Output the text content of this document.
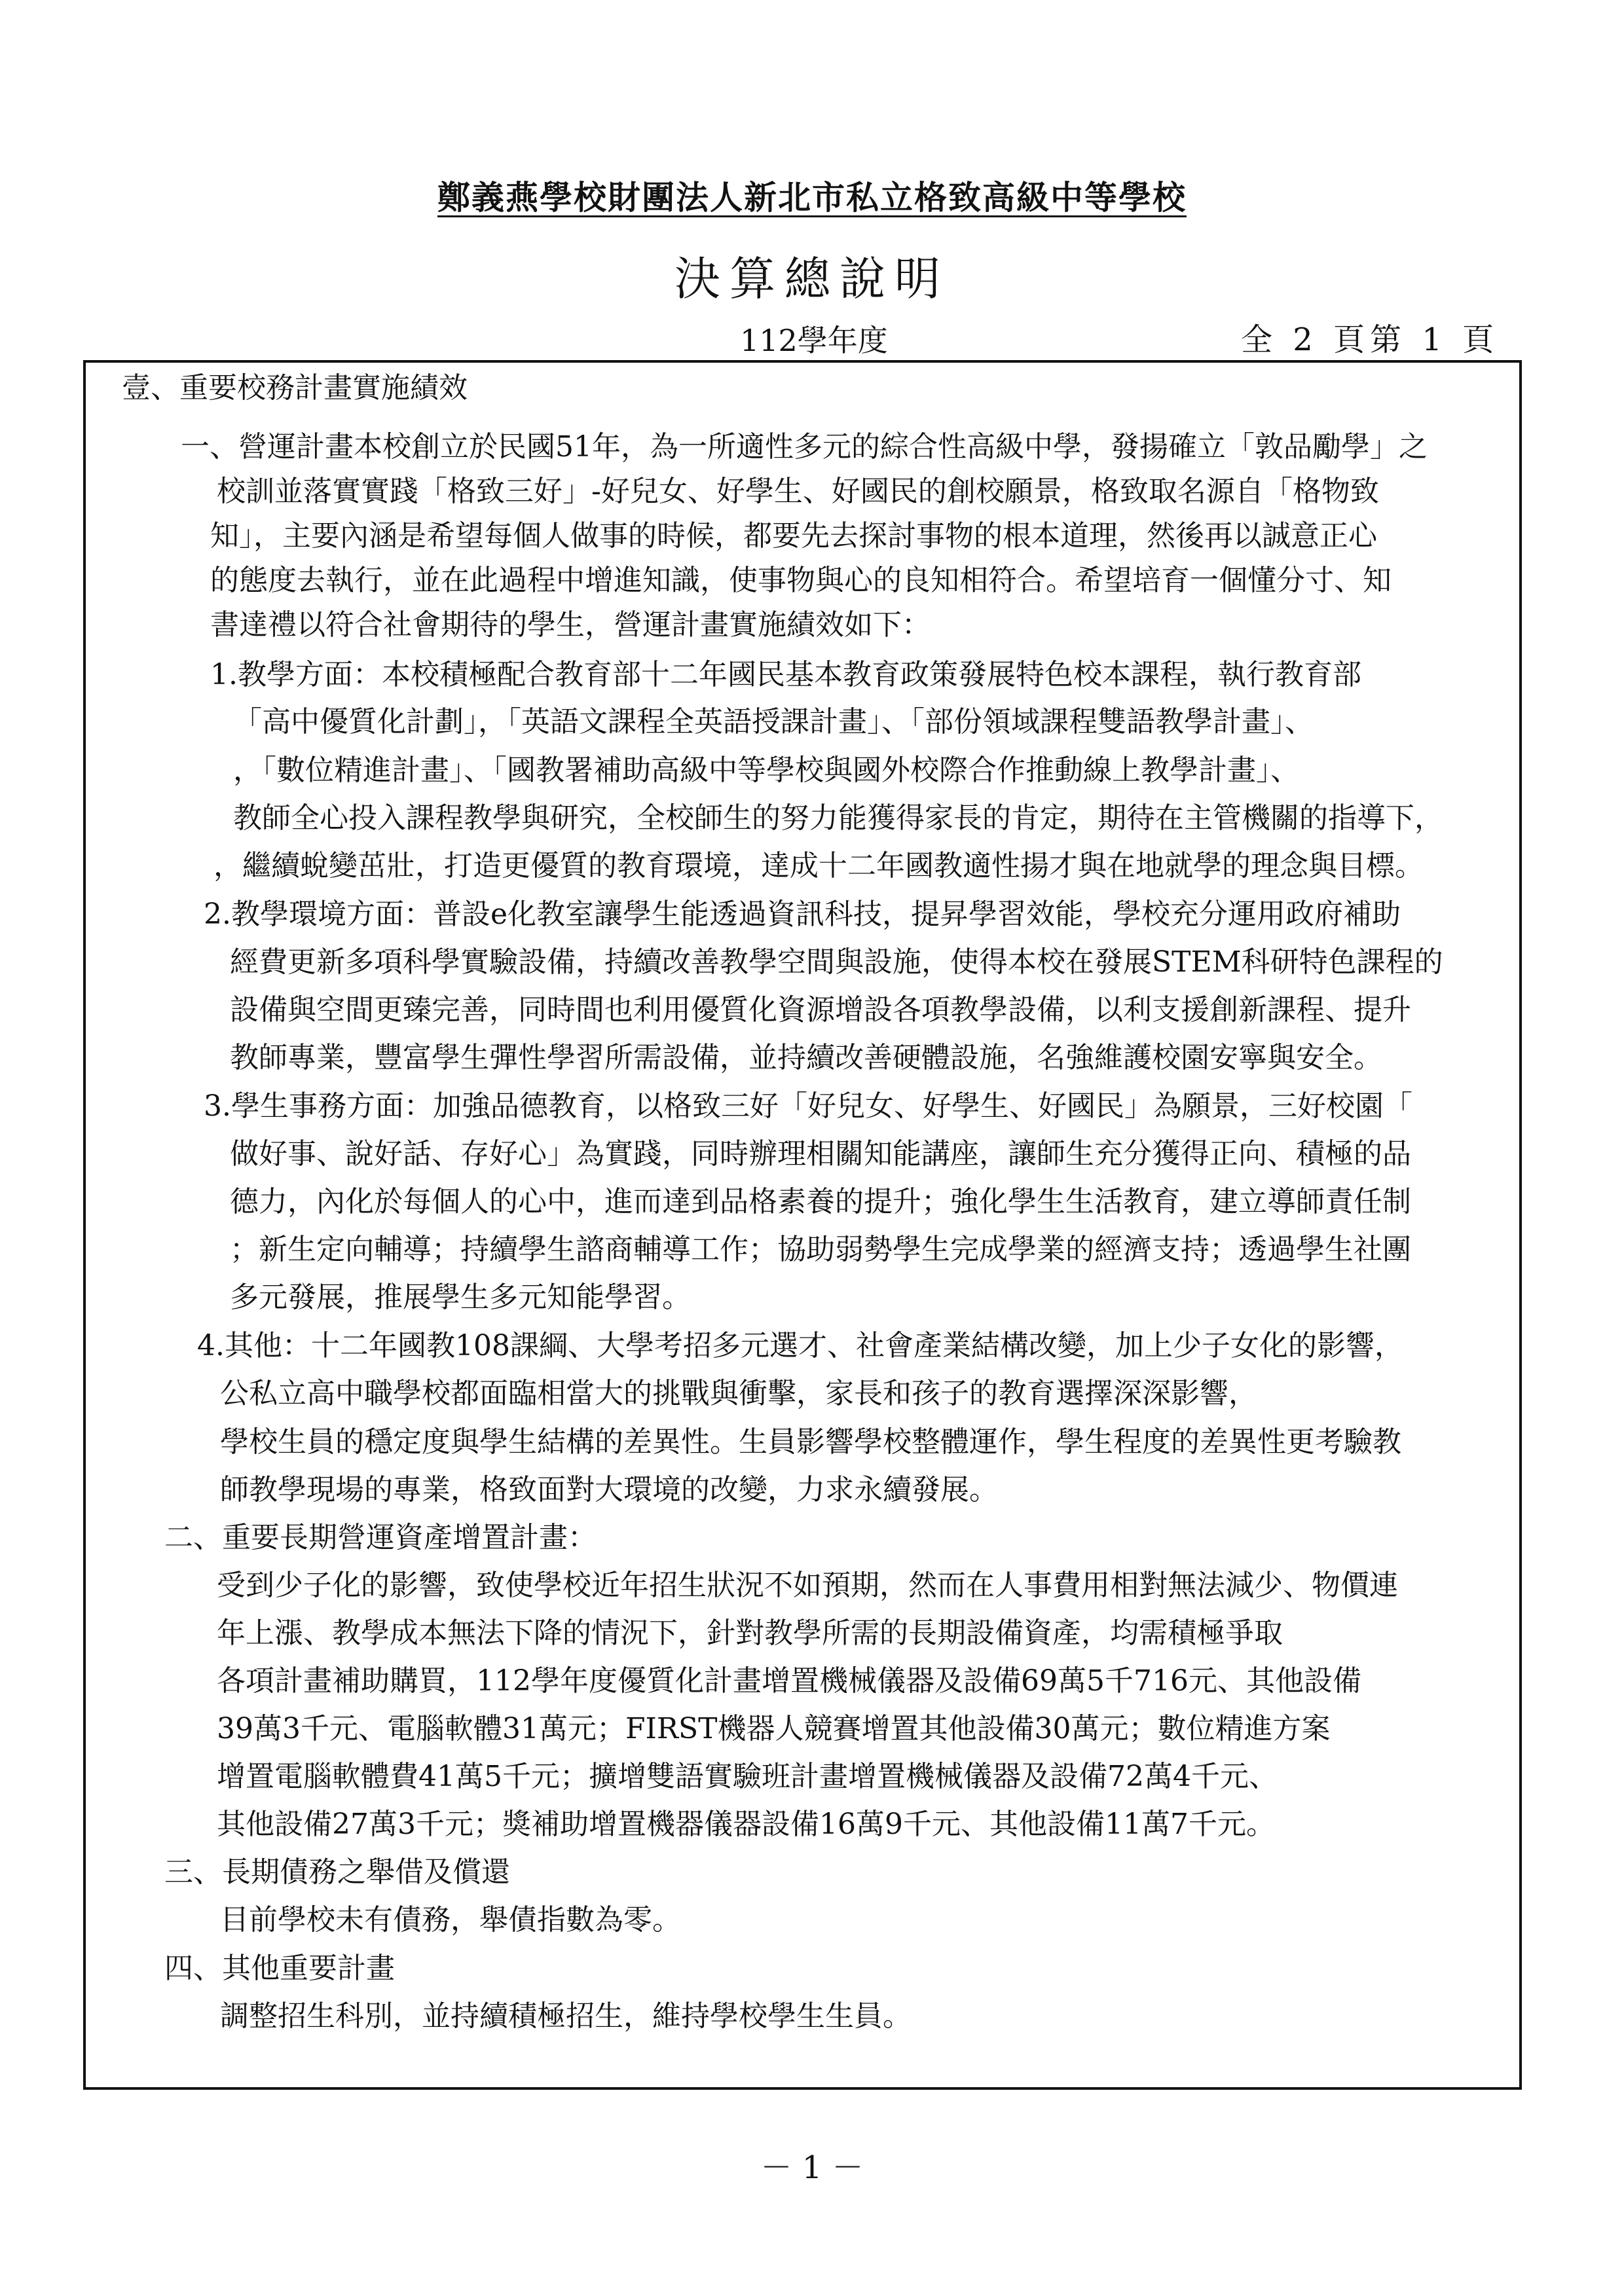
鄭義燕學校財團法人新北市私立格致高級中等學校
決算總說明
112學年度	全 2 頁第 1 頁
壹、重要校務計畫實施績效
一、營運計畫本校創立於民國51年，為一所適性多元的綜合性高級中學，發揚確立「敦品勵學」之
校訓並落實實踐「格致三好」-好兒女、好學生、好國民的創校願景，格致取名源自「格物致
知」，主要內涵是希望每個人做事的時候，都要先去探討事物的根本道理，然後再以誠意正心
的態度去執行，並在此過程中增進知識，使事物與心的良知相符合。希望培育一個懂分寸、知
書達禮以符合社會期待的學生，營運計畫實施績效如下：
1.教學方面：本校積極配合教育部十二年國民基本教育政策發展特色校本課程，執行教育部
「高中優質化計劃」，「英語文課程全英語授課計畫」、「部份領域課程雙語教學計畫」、
，「數位精進計畫」、「國教署補助高級中等學校與國外校際合作推動線上教學計畫」、
教師全心投入課程教學與研究，全校師生的努力能獲得家長的肯定，期待在主管機關的指導下，
，繼續蛻變茁壯，打造更優質的教育環境，達成十二年國教適性揚才與在地就學的理念與目標。
2.教學環境方面：普設e化教室讓學生能透過資訊科技，提昇學習效能，學校充分運用政府補助
經費更新多項科學實驗設備，持續改善教學空間與設施，使得本校在發展STEM科研特色課程的
設備與空間更臻完善，同時間也利用優質化資源增設各項教學設備，以利支援創新課程、提升
教師專業，豐富學生彈性學習所需設備，並持續改善硬體設施，名強維護校園安寧與安全。
3.學生事務方面：加強品德教育，以格致三好「好兒女、好學生、好國民」為願景，三好校園「
做好事、說好話、存好心」為實踐，同時辦理相關知能講座，讓師生充分獲得正向、積極的品
德力，內化於每個人的心中，進而達到品格素養的提升；強化學生生活教育，建立導師責任制
；新生定向輔導；持續學生諮商輔導工作；協助弱勢學生完成學業的經濟支持；透過學生社團
多元發展，推展學生多元知能學習。
4.其他：十二年國教108課綱、大學考招多元選才、社會產業結構改變，加上少子女化的影響，
公私立高中職學校都面臨相當大的挑戰與衝擊，家長和孩子的教育選擇深深影響，
學校生員的穩定度與學生結構的差異性。生員影響學校整體運作，學生程度的差異性更考驗教
師教學現場的專業，格致面對大環境的改變，力求永續發展。
二、重要長期營運資產增置計畫：
受到少子化的影響，致使學校近年招生狀況不如預期，然而在人事費用相對無法減少、物價連
年上漲、教學成本無法下降的情況下，針對教學所需的長期設備資產，均需積極爭取
各項計畫補助購買，112學年度優質化計畫增置機械儀器及設備69萬5千716元、其他設備
39萬3千元、電腦軟體31萬元；FIRST機器人競賽增置其他設備30萬元；數位精進方案
增置電腦軟體費41萬5千元；擴增雙語實驗班計畫增置機械儀器及設備72萬4千元、
其他設備27萬3千元；獎補助增置機器儀器設備16萬9千元、其他設備11萬7千元。
三、長期債務之舉借及償還
目前學校未有債務，舉債指數為零。
四、其他重要計畫
調整招生科別，並持續積極招生，維持學校學生生員。
－ 1 －
